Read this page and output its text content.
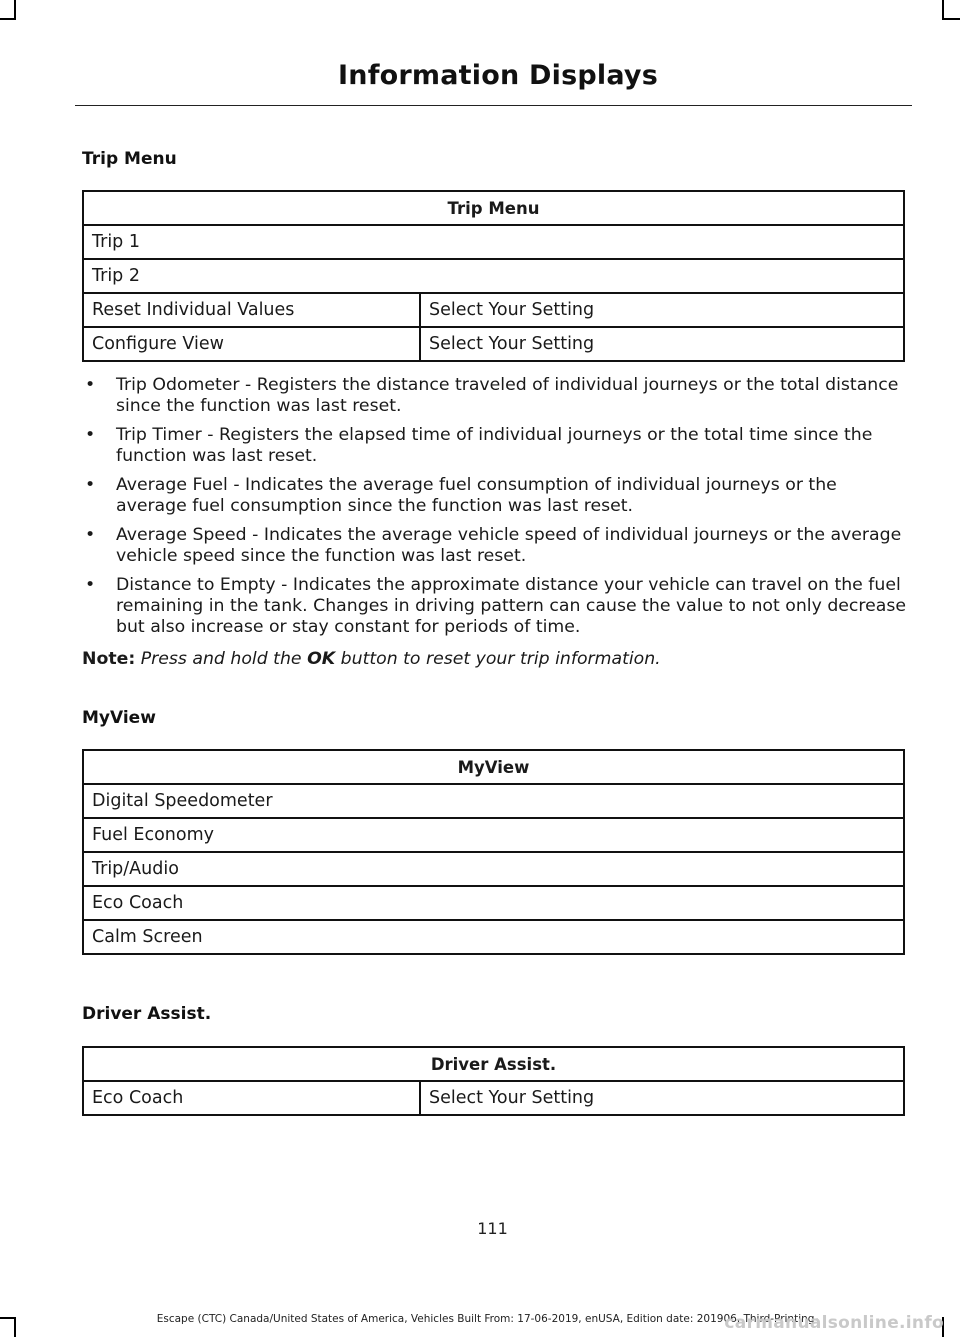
Information Displays
Trip Menu
Trip Menu	
Trip 1	
Trip 2	
Reset Individual Values	Select Your Setting
Configure View	Select Your Setting
• Trip Odometer - Registers the distance traveled of individual journeys or the total distance since the function was last reset.
• Trip Timer - Registers the elapsed time of individual journeys or the total time since the function was last reset.
• Average Fuel - Indicates the average fuel consumption of individual journeys or the average fuel consumption since the function was last reset.
• Average Speed - Indicates the average vehicle speed of individual journeys or the average vehicle speed since the function was last reset.
• Distance to Empty - Indicates the approximate distance your vehicle can travel on the fuel remaining in the tank. Changes in driving pattern can cause the value to not only decrease but also increase or stay constant for periods of time.

Note: Press and hold the OK button to reset your trip information.

MyView
MyView
Digital Speedometer
Fuel Economy
Trip/Audio
Eco Coach
Calm Screen
Driver Assist.
Driver Assist.
Eco Coach	Select Your Setting
111
Escape (CTC) Canada/United States of America, Vehicles Built From: 17-06-2019, enUSA, Edition date: 201906, Third-Printing-
carmanualsonline.info
